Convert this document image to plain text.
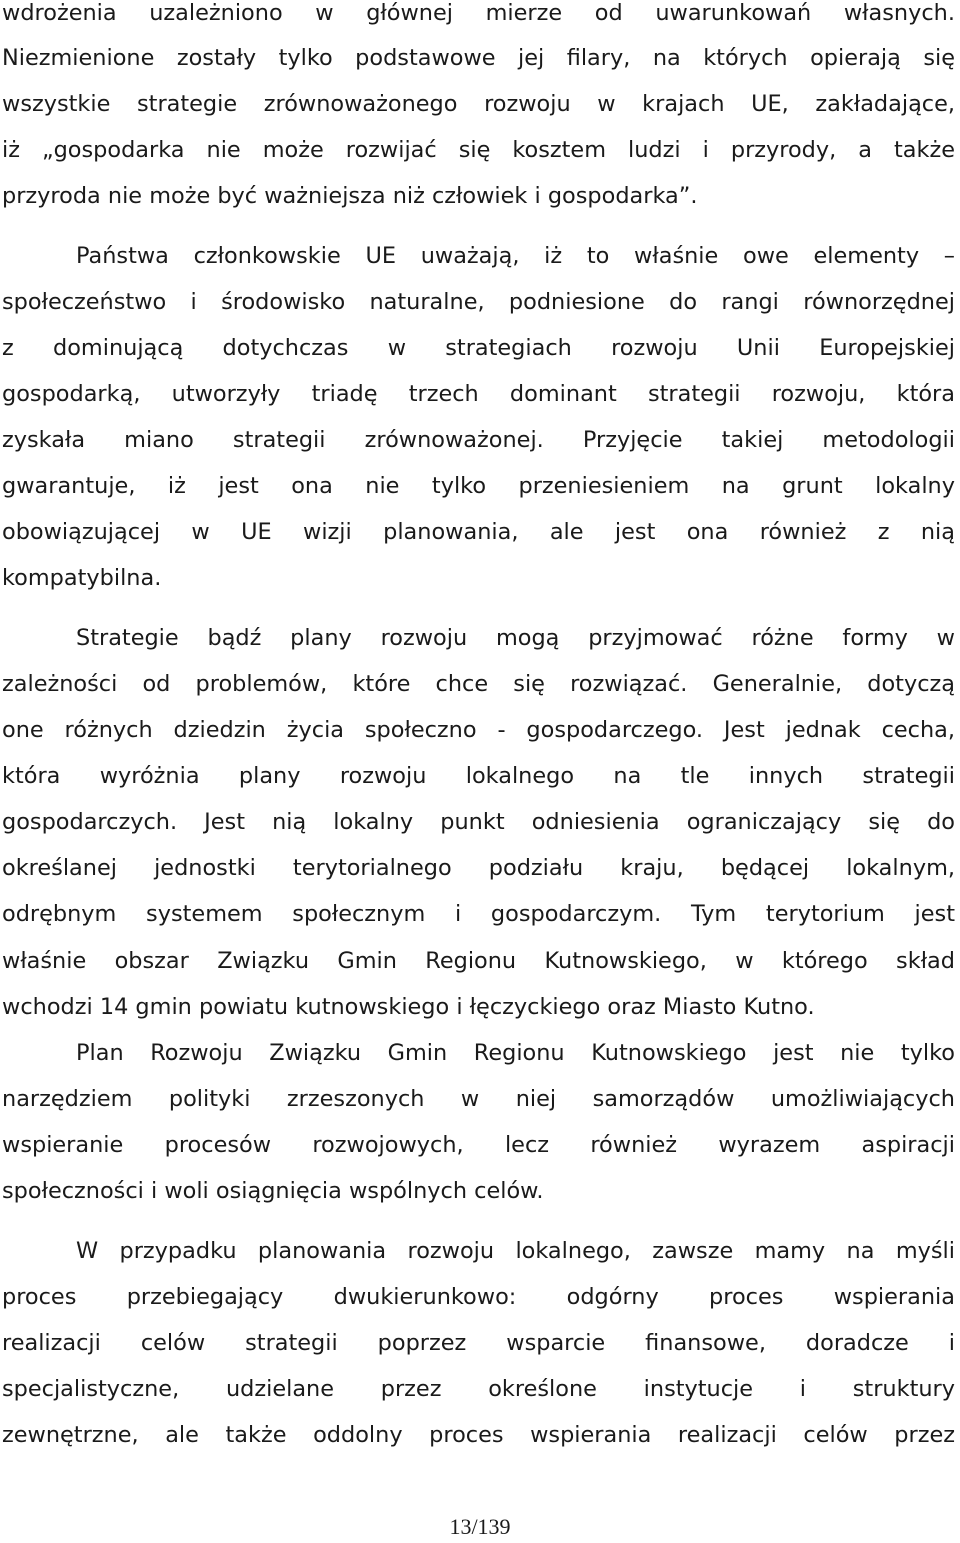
wdrożenia uzależniono w głównej mierze od uwarunkowań własnych.
Niezmienione zostały tylko podstawowe jej filary, na których opierają się
wszystkie strategie zrównoważonego rozwoju w krajach UE, zakładające,
iż „gospodarka nie może rozwijać się kosztem ludzi i przyrody, a także
przyroda nie może być ważniejsza niż człowiek i gospodarka”.
Państwa członkowskie UE uważają, iż to właśnie owe elementy –
społeczeństwo i środowisko naturalne, podniesione do rangi równorzędnej
z dominującą dotychczas w strategiach rozwoju Unii Europejskiej
gospodarką, utworzyły triadę trzech dominant strategii rozwoju, która
zyskała miano strategii zrównoważonej. Przyjęcie takiej metodologii
gwarantuje, iż jest ona nie tylko przeniesieniem na grunt lokalny
obowiązującej w UE wizji planowania, ale jest ona również z nią
kompatybilna.
Strategie bądź plany rozwoju mogą przyjmować różne formy w
zależności od problemów, które chce się rozwiązać. Generalnie, dotyczą
one różnych dziedzin życia społeczno - gospodarczego. Jest jednak cecha,
która wyróżnia plany rozwoju lokalnego na tle innych strategii
gospodarczych. Jest nią lokalny punkt odniesienia ograniczający się do
określanej jednostki terytorialnego podziału kraju, będącej lokalnym,
odrębnym systemem społecznym i gospodarczym. Tym terytorium jest
właśnie obszar Związku Gmin Regionu Kutnowskiego, w którego skład
wchodzi 14 gmin powiatu kutnowskiego i łęczyckiego oraz Miasto Kutno.
Plan Rozwoju Związku Gmin Regionu Kutnowskiego jest nie tylko
narzędziem polityki zrzeszonych w niej samorządów umożliwiających
wspieranie procesów rozwojowych, lecz również wyrazem aspiracji
społeczności i woli osiągnięcia wspólnych celów.
W przypadku planowania rozwoju lokalnego, zawsze mamy na myśli
proces przebiegający dwukierunkowo: odgórny proces wspierania
realizacji celów strategii poprzez wsparcie finansowe, doradcze i
specjalistyczne, udzielane przez określone instytucje i struktury
zewnętrzne, ale także oddolny proces wspierania realizacji celów przez
13/139
